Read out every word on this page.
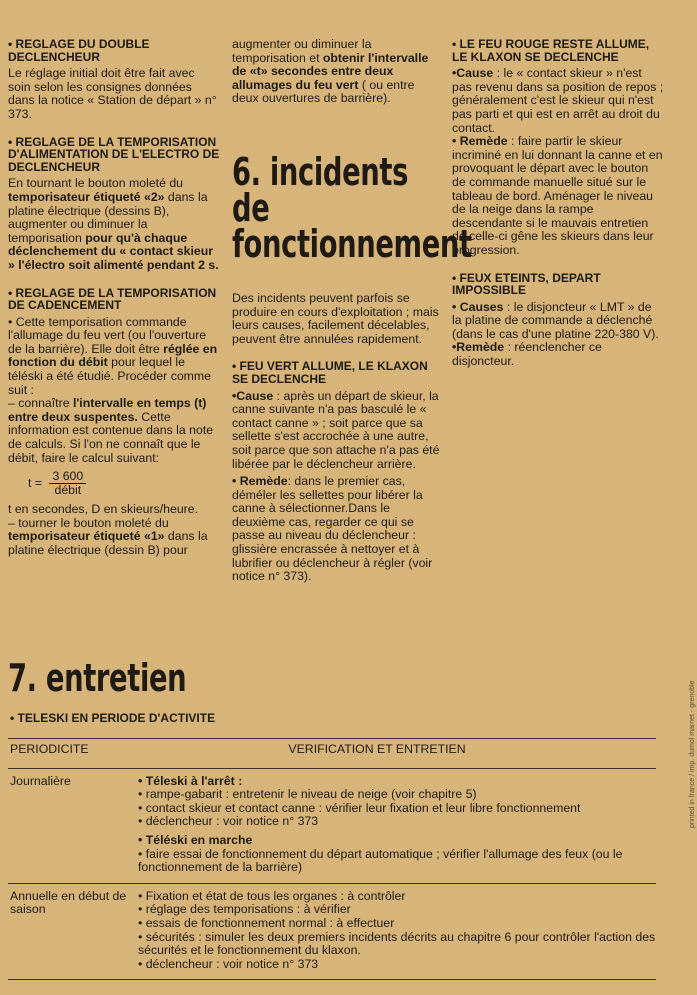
• REGLAGE DU DOUBLE DECLENCHEUR

Le réglage initial doit être fait avec soin selon les consignes données dans la notice « Station de départ » n° 373.

• REGLAGE DE LA TEMPORISATION D'ALIMENTATION DE L'ELECTRO DE DECLENCHEUR

En tournant le bouton moleté du temporisateur étiqueté «2» dans la platine électrique (dessins B), augmenter ou diminuer la temporisation pour qu'à chaque déclenchement du « contact skieur » l'électro soit alimenté pendant 2 s.

• REGLAGE DE LA TEMPORISATION DE CADENCEMENT

• Cette temporisation commande l'allumage du feu vert (ou l'ouverture de la barrière). Elle doit être réglée en fonction du débit pour lequel le téléski a été étudié. Procéder comme suit :

– connaître l'intervalle en temps (t) entre deux suspentes. Cette information est contenue dans la note de calculs. Si l'on ne connaît que le débit, faire le calcul suivant:

$t = \frac{3 600}{\text{débit}}$

t en secondes, D en skieurs/heure.

– tourner le bouton moleté du temporisateur étiqueté «1» dans la platine électrique (dessin B) pour

augmenter ou diminuer la temporisation et obtenir l'intervalle de «t» secondes entre deux allumages du feu vert ( ou entre deux ouvertures de barrière).

6. incidents de fonctionnement

Des incidents peuvent parfois se produire en cours d'exploitation ; mais leurs causes, facilement décelables, peuvent être annulées rapidement.

• FEU VERT ALLUME, LE KLAXON SE DECLENCHE

•Cause : après un départ de skieur, la canne suivante n'a pas basculé le « contact canne » ; soit parce que sa sellette s'est accrochée à une autre, soit parce que son attache n'a pas été libérée par le déclencheur arrière.

• Remède: dans le premier cas, déméler les sellettes pour libérer la canne à sélectionner.Dans le deuxième cas, regarder ce qui se passe au niveau du déclencheur : glissière encrassée à nettoyer et à lubrifier ou déclencheur à régler (voir notice n° 373).

• LE FEU ROUGE RESTE ALLUME, LE KLAXON SE DECLENCHE

•Cause : le « contact skieur » n'est pas revenu dans sa position de repos ; généralement c'est le skieur qui n'est pas parti et qui est en arrêt au droit du contact.

• Remède : faire partir le skieur incriminé en lui donnant la canne et en provoquant le départ avec le bouton de commande manuelle situé sur le tableau de bord. Aménager le niveau de la neige dans la rampe descendante si le mauvais entretien de celle-ci gêne les skieurs dans leur progression.

• FEUX ETEINTS, DEPART IMPOSSIBLE

• Causes : le disjoncteur « LMT » de la platine de commande a déclenché (dans le cas d'une platine 220-380 V).

•Remède : réenclencher ce disjoncteur.

7. entretien
• TELESKI EN PERIODE D'ACTIVITE
PERIODICITE	VERIFICATION ET ENTRETIEN
Journalière	• Téleski à l'arrêt :
• rampe-gabarit : entretenir le niveau de neige (voir chapitre 5)
• contact skieur et contact canne : vérifier leur fixation et leur libre fonctionnement
• déclencheur : voir notice n° 373
• Téléski en marche
• faire essai de fonctionnement du départ automatique ; vérifier l'allumage des feux (ou le fonctionnement de la barrière)
Annuelle en début de saison
• Fixation et état de tous les organes : à contrôler
• réglage des temporisations : à vérifier
• essais de fonctionnement normal : à effectuer
• sécurités : simuler les deux premiers incidents décrits au chapitre 6 pour contrôler l'action des sécurités et le fonctionnement du klaxon.
• déclencheur : voir notice n° 373
printed in france / imp. dumol marnet - grenoble
